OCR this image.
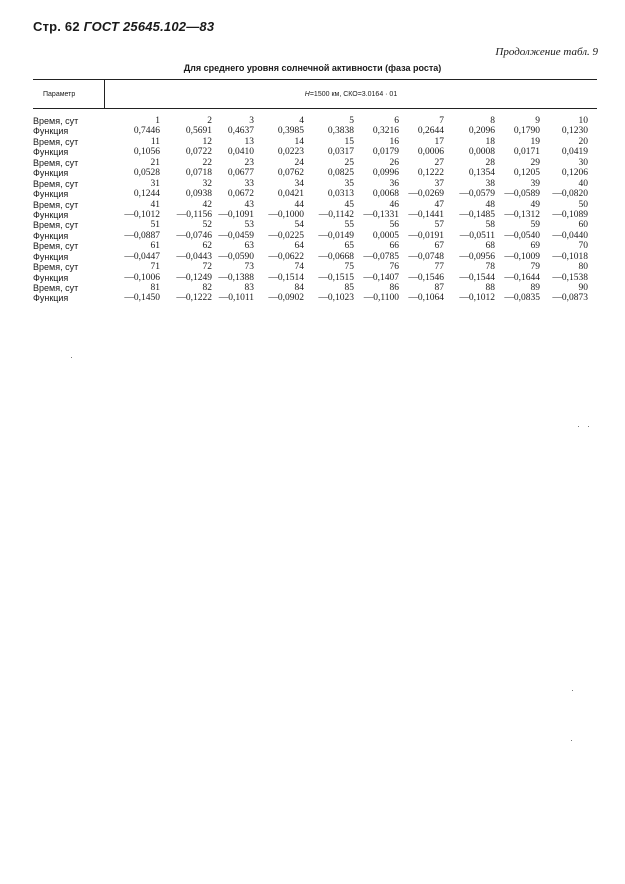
Стр. 62 ГОСТ 25645.102—83
Продолжение табл. 9
Для среднего уровня солнечной активности (фаза роста)
Параметр	H =1500 км, СКО=3.0164 · 01
Время, сут	1	2	3	4	5	6	7	8	9	10
Функция	0,7446	0,5691	0,4637	0,3985	0,3838	0,3216	0,2644	0,2096	0,1790	0,1230
Время, сут	11	12	13	14	15	16	17	18	19	20
Функция	0,1056	0,0722	0,0410	0,0223	0,0317	0,0179	0,0006	0,0008	0,0171	0,0419
Время, сут	21	22	23	24	25	26	27	28	29	30
Функция	0,0528	0,0718	0,0677	0,0762	0,0825	0,0996	0,1222	0,1354	0,1205	0,1206
Время, сут	31	32	33	34	35	36	37	38	39	40
Функция	0,1244	0,0938	0,0672	0,0421	0,0313	0,0068 —0,0269	—0,0579 —0,0589	—0,0820
Время, сут	41	42	43	44	45	46	47	48	49	50
Функция	—0,1012	—0,1156 —0,1091	—0,1000	—0,1142 —0,1331 —0,1441	—0,1485 —0,1312	—0,1089
Время, сут	51	52	53	54	55	56	57	58	59	60
Функция	—0,0887	—0,0746 —0,0459	—0,0225	—0,0149	0,0005 —0,0191	—0,0511 —0,0540	—0,0440
Время, сут	61	62	63	64	65	66	67	68	69	70
Функция	—0,0447	—0,0443 —0,0590	—0,0622	—0,0668 —0,0785 —0,0748	—0,0956 —0,1009	—0,1018
Время, сут	71	72	73	74	75	76	77	78	79	80
Функция	—0,1006	—0,1249 —0,1388	—0,1514	—0,1515 —0,1407 —0,1546	—0,1544 —0,1644	—0,1538
Время, сут	81	82	83	84	85	86	87	88	89	90
Функция	—0,1450	—0,1222 —0,1011	—0,0902	—0,1023	—0,1100 —0,1064	—0,1012 —0,0835	—0,0873
